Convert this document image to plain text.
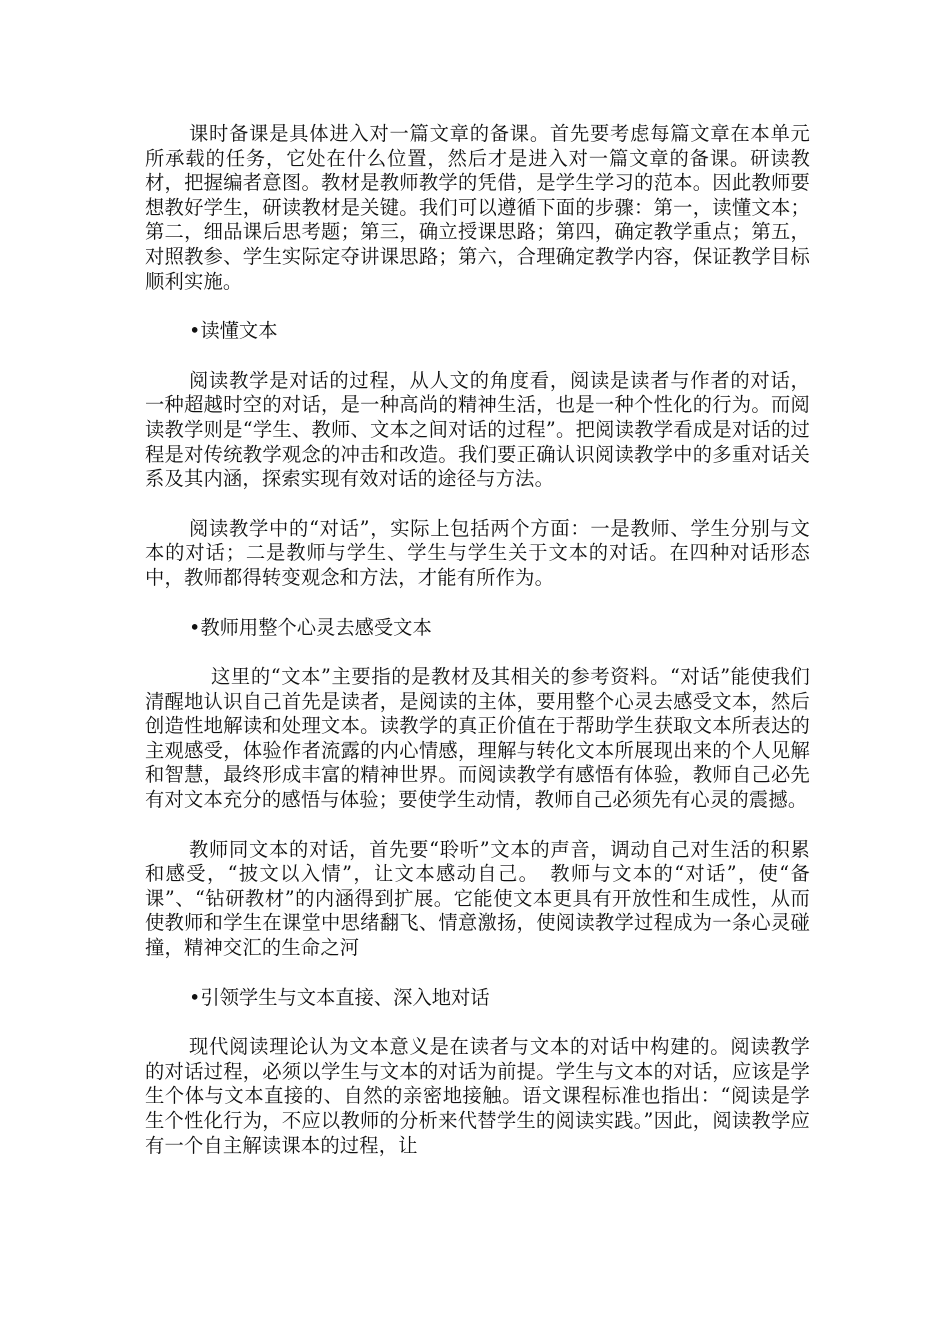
课时备课是具体进入对一篇文章的备课。首先要考虑每篇文章在本单元所承载的任务，它处在什么位置，然后才是进入对一篇文章的备课。研读教材，把握编者意图。教材是教师教学的凭借，是学生学习的范本。因此教师要想教好学生，研读教材是关键。我们可以遵循下面的步骤：第一，读懂文本；第二，细品课后思考题；第三，确立授课思路；第四，确定教学重点；第五，对照教参、学生实际定夺讲课思路；第六，合理确定教学内容，保证教学目标顺利实施。

•读懂文本

阅读教学是对话的过程，从人文的角度看，阅读是读者与作者的对话，一种超越时空的对话，是一种高尚的精神生活，也是一种个性化的行为。而阅读教学则是“学生、教师、文本之间对话的过程”。把阅读教学看成是对话的过程是对传统教学观念的冲击和改造。我们要正确认识阅读教学中的多重对话关系及其内涵，探索实现有效对话的途径与方法。

阅读教学中的“对话”，实际上包括两个方面：一是教师、学生分别与文本的对话；二是教师与学生、学生与学生关于文本的对话。在四种对话形态中，教师都得转变观念和方法，才能有所作为。

•教师用整个心灵去感受文本

这里的“文本”主要指的是教材及其相关的参考资料。“对话”能使我们清醒地认识自己首先是读者，是阅读的主体，要用整个心灵去感受文本，然后创造性地解读和处理文本。读教学的真正价值在于帮助学生获取文本所表达的主观感受，体验作者流露的内心情感，理解与转化文本所展现出来的个人见解和智慧，最终形成丰富的精神世界。而阅读教学有感悟有体验，教师自己必先有对文本充分的感悟与体验；要使学生动情，教师自己必须先有心灵的震撼。

教师同文本的对话，首先要“聆听”文本的声音，调动自己对生活的积累和感受，“披文以入情”，让文本感动自己。　教师与文本的“对话”，使“备课”、“钻研教材”的内涵得到扩展。它能使文本更具有开放性和生成性，从而使教师和学生在课堂中思绪翻飞、情意激扬，使阅读教学过程成为一条心灵碰撞，精神交汇的生命之河

•引领学生与文本直接、深入地对话

现代阅读理论认为文本意义是在读者与文本的对话中构建的。阅读教学的对话过程，必须以学生与文本的对话为前提。学生与文本的对话，应该是学生个体与文本直接的、自然的亲密地接触。语文课程标准也指出：“阅读是学生个性化行为，不应以教师的分析来代替学生的阅读实践。”因此，阅读教学应有一个自主解读课本的过程，让
